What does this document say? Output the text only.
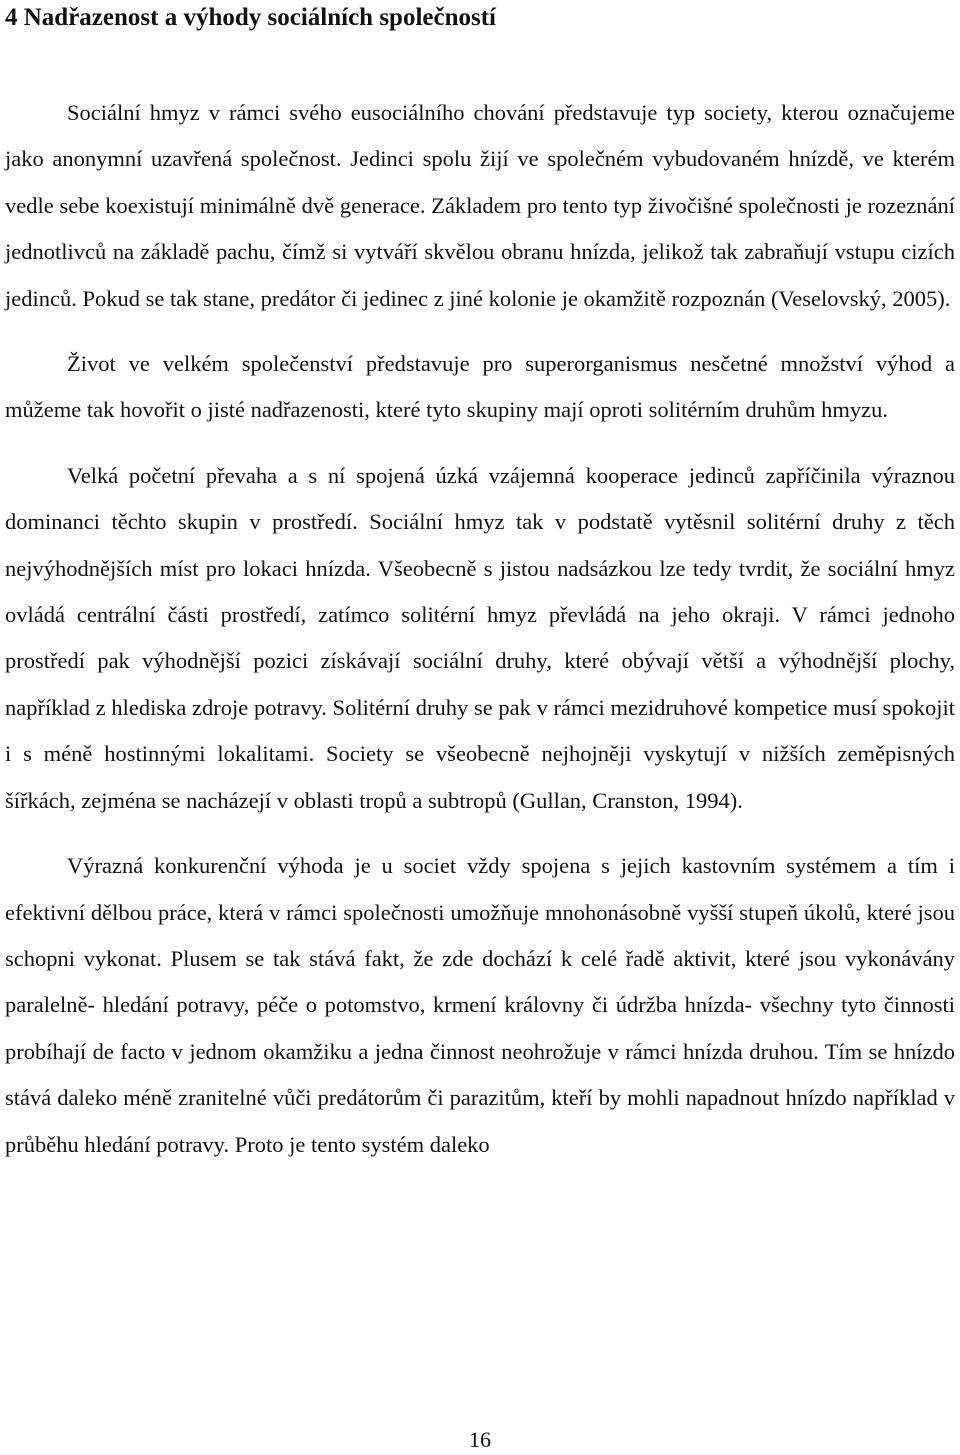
4 Nadřazenost a výhody sociálních společností

Sociální hmyz v rámci svého eusociálního chování představuje typ society, kterou označujeme jako anonymní uzavřená společnost. Jedinci spolu žijí ve společném vybudovaném hnízdě, ve kterém vedle sebe koexistují minimálně dvě generace. Základem pro tento typ živočišné společnosti je rozeznání jednotlivců na základě pachu, čímž si vytváří skvělou obranu hnízda, jelikož tak zabraňují vstupu cizích jedinců. Pokud se tak stane, predátor či jedinec z jiné kolonie je okamžitě rozpoznán (Veselovský, 2005).

Život ve velkém společenství představuje pro superorganismus nesčetné množství výhod a můžeme tak hovořit o jisté nadřazenosti, které tyto skupiny mají oproti solitérním druhům hmyzu.

Velká početní převaha a s ní spojená úzká vzájemná kooperace jedinců zapříčinila výraznou dominanci těchto skupin v prostředí. Sociální hmyz tak v podstatě vytěsnil solitérní druhy z těch nejvýhodnějších míst pro lokaci hnízda. Všeobecně s jistou nadsázkou lze tedy tvrdit, že sociální hmyz ovládá centrální části prostředí, zatímco solitérní hmyz převládá na jeho okraji. V rámci jednoho prostředí pak výhodnější pozici získávají sociální druhy, které obývají větší a výhodnější plochy, například z hlediska zdroje potravy. Solitérní druhy se pak v rámci mezidruhové kompetice musí spokojit i s méně hostinnými lokalitami. Society se všeobecně nejhojněji vyskytují v nižších zeměpisných šířkách, zejména se nacházejí v oblasti tropů a subtropů (Gullan, Cranston, 1994).

Výrazná konkurenční výhoda je u societ vždy spojena s jejich kastovním systémem a tím i efektivní dělbou práce, která v rámci společnosti umožňuje mnohonásobně vyšší stupeň úkolů, které jsou schopni vykonat. Plusem se tak stává fakt, že zde dochází k celé řadě aktivit, které jsou vykonávány paralelně- hledání potravy, péče o potomstvo, krmení královny či údržba hnízda- všechny tyto činnosti probíhají de facto v jednom okamžiku a jedna činnost neohrožuje v rámci hnízda druhou. Tím se hnízdo stává daleko méně zranitelné vůči predátorům či parazitům, kteří by mohli napadnout hnízdo například v průběhu hledání potravy. Proto je tento systém daleko

16
